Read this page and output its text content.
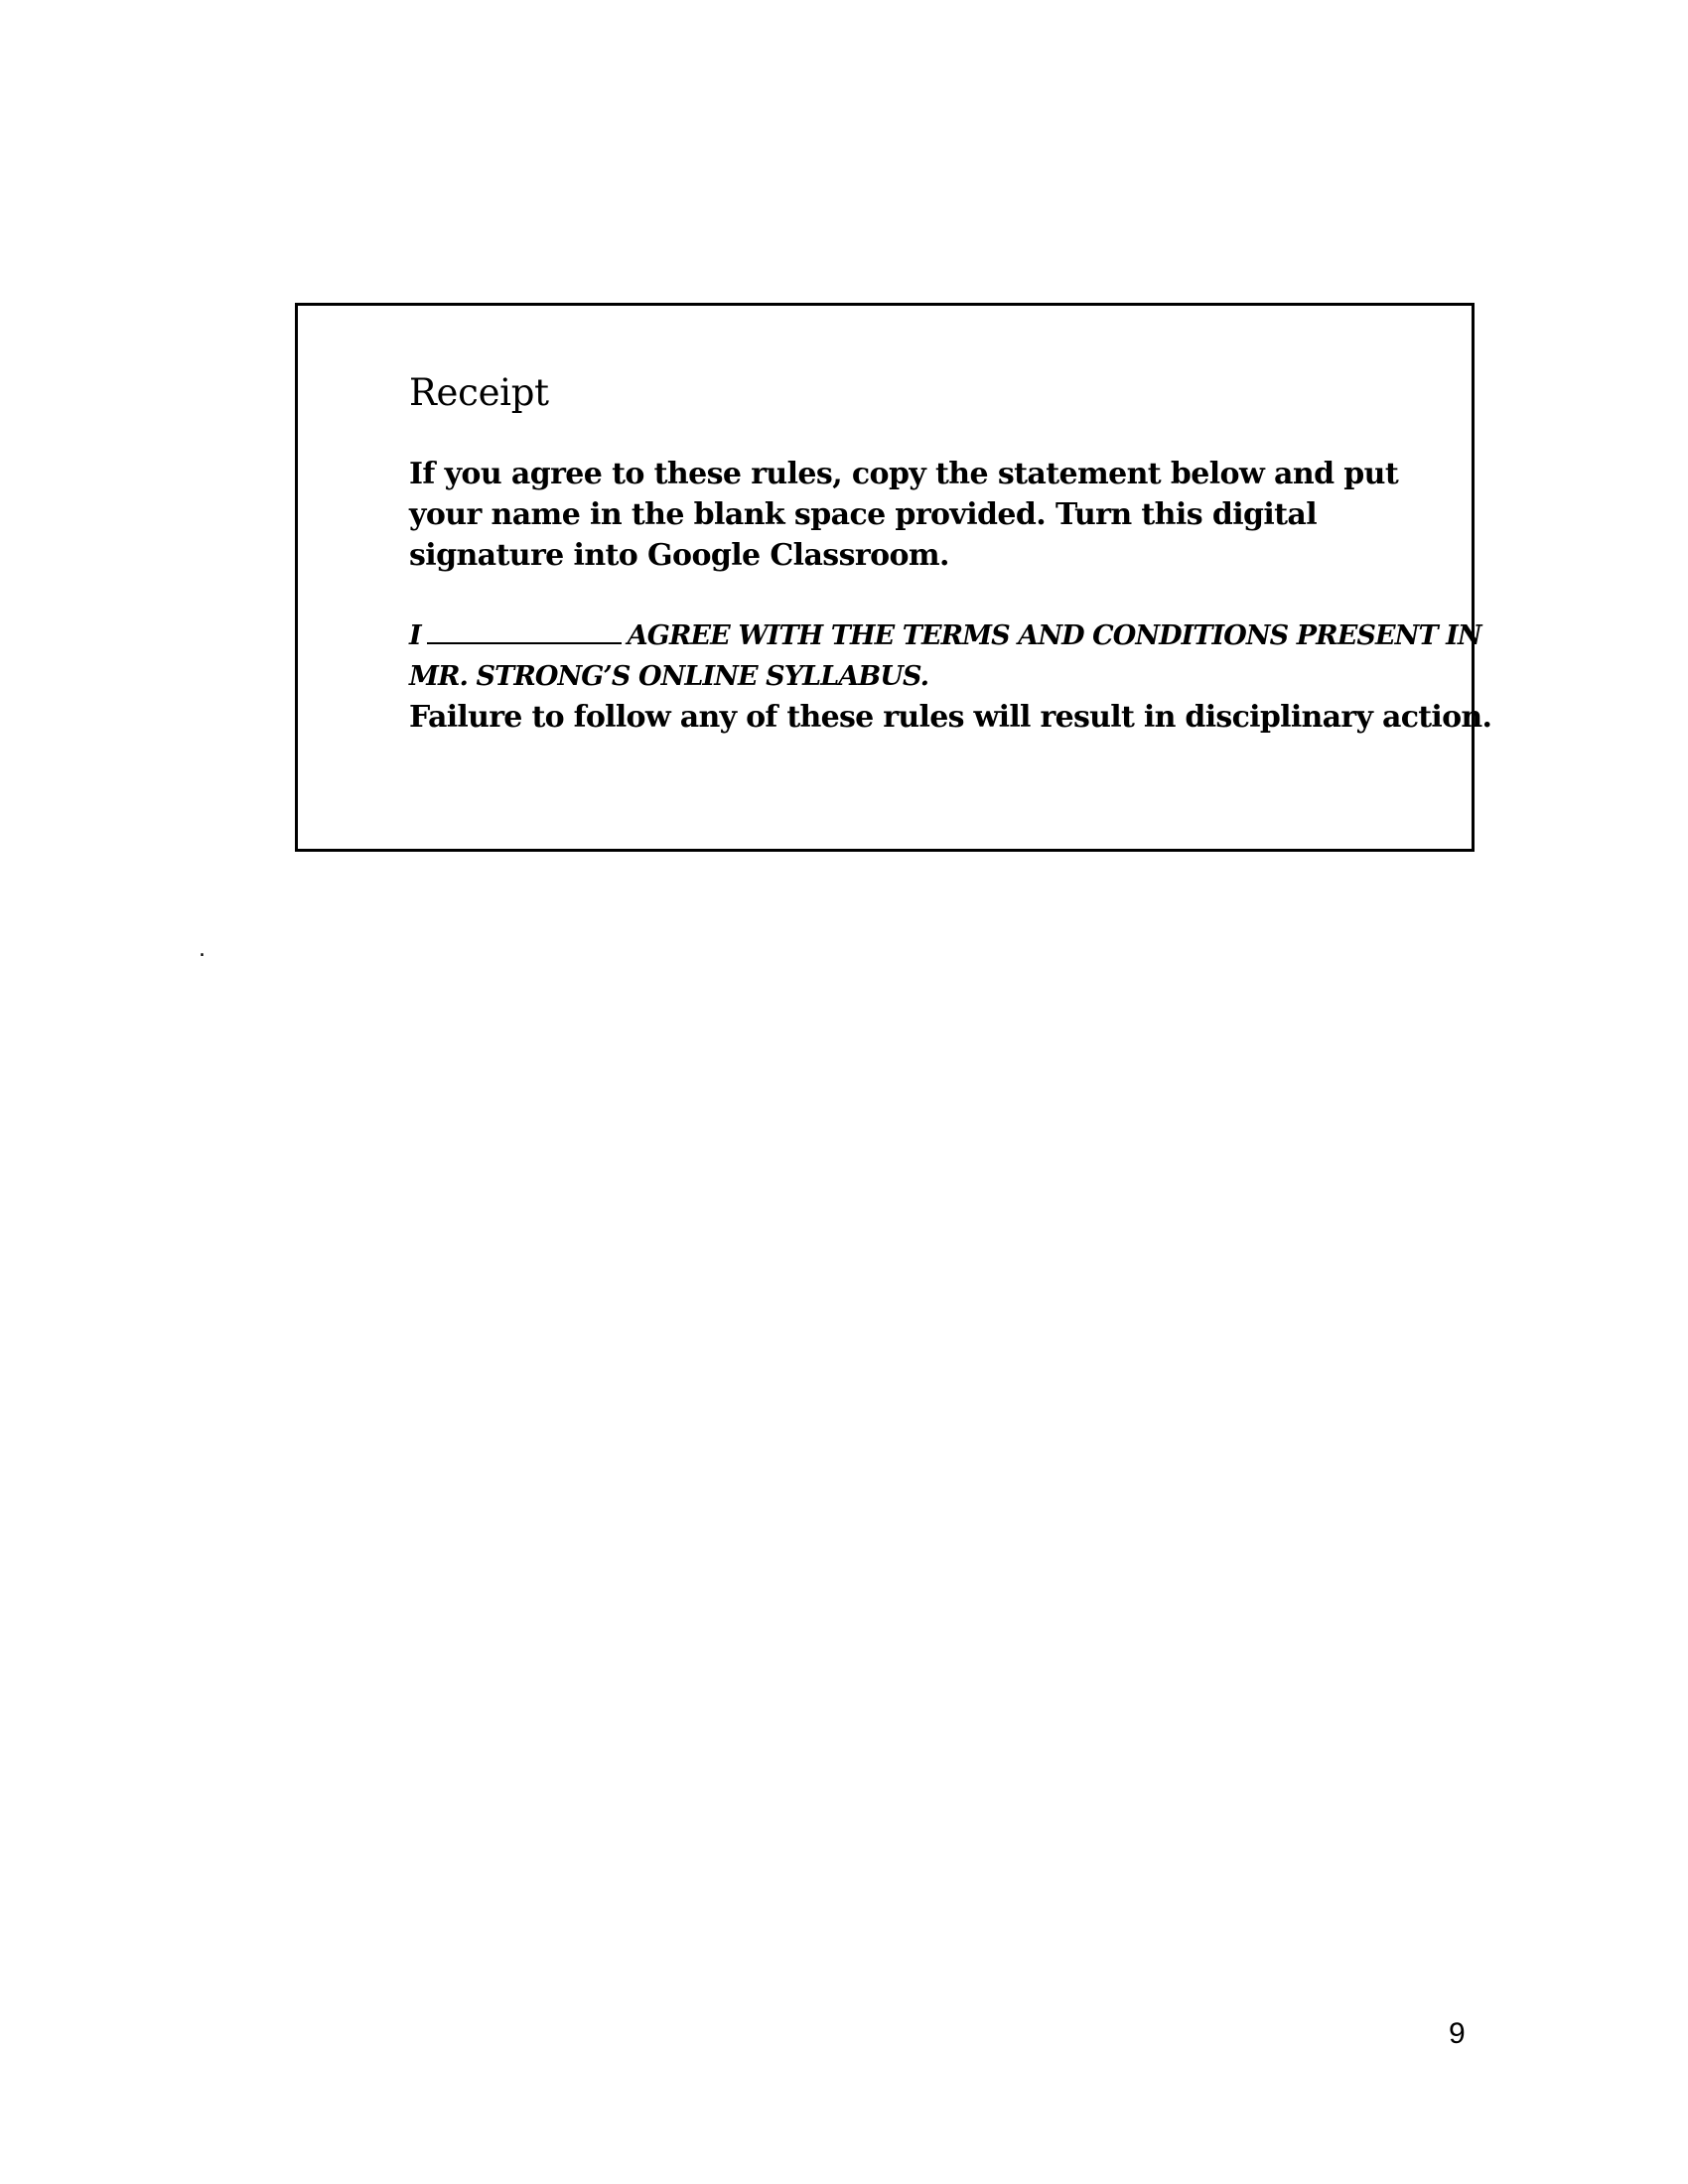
Receipt

If you agree to these rules, copy the statement below and put your name in the blank space provided. Turn this digital signature into Google Classroom.

I	AGREE WITH THE TERMS AND CONDITIONS PRESENT IN
MR. STRONG’S ONLINE SYLLABUS.

Failure to follow any of these rules will result in disciplinary action.

.
9
